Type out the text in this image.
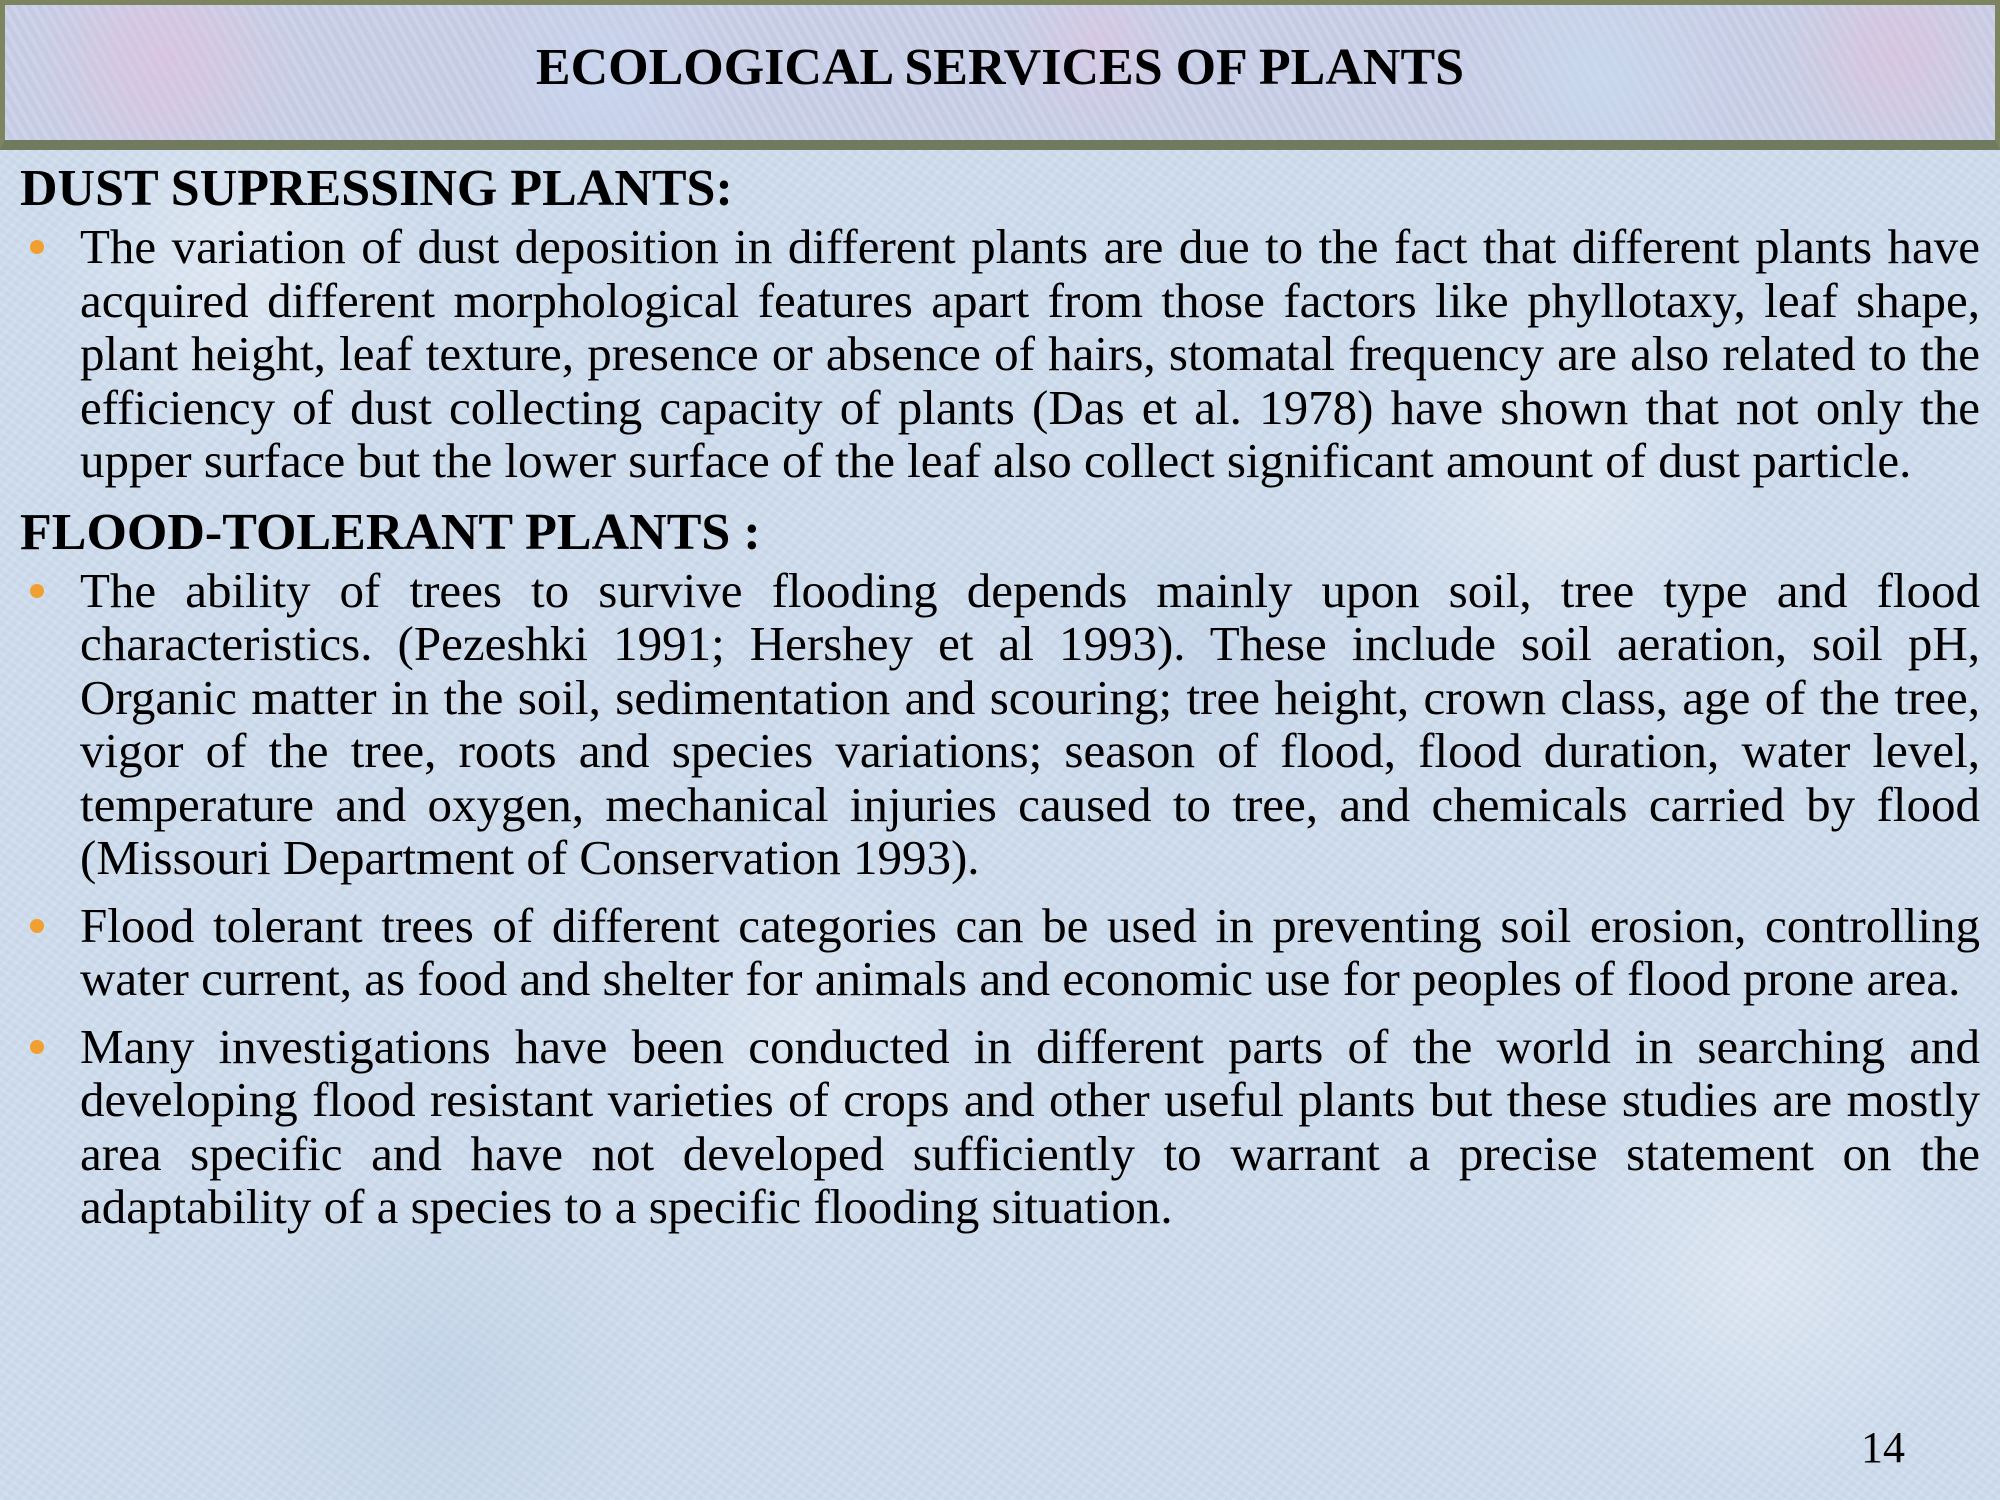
ECOLOGICAL SERVICES OF PLANTS
DUST SUPRESSING PLANTS:
The variation of dust deposition in different plants are due to the fact that different plants have acquired different morphological features apart from those factors like phyllotaxy, leaf shape, plant height, leaf texture, presence or absence of hairs, stomatal frequency are also related to the efficiency of dust collecting capacity of plants (Das et al. 1978) have shown that not only the upper surface but the lower surface of the leaf also collect significant amount of dust particle.
FLOOD-TOLERANT PLANTS :
The ability of trees to survive flooding depends mainly upon soil, tree type and flood characteristics. (Pezeshki 1991; Hershey et al 1993). These include soil aeration, soil pH, Organic matter in the soil, sedimentation and scouring; tree height, crown class, age of the tree, vigor of the tree, roots and species variations; season of flood, flood duration, water level, temperature and oxygen, mechanical injuries caused to tree, and chemicals carried by flood (Missouri Department of Conservation 1993).
Flood tolerant trees of different categories can be used in preventing soil erosion, controlling water current, as food and shelter for animals and economic use for peoples of flood prone area.
Many investigations have been conducted in different parts of the world in searching and developing flood resistant varieties of crops and other useful plants but these studies are mostly area specific and have not developed sufficiently to warrant a precise statement on the adaptability of a species to a specific flooding situation.
14
